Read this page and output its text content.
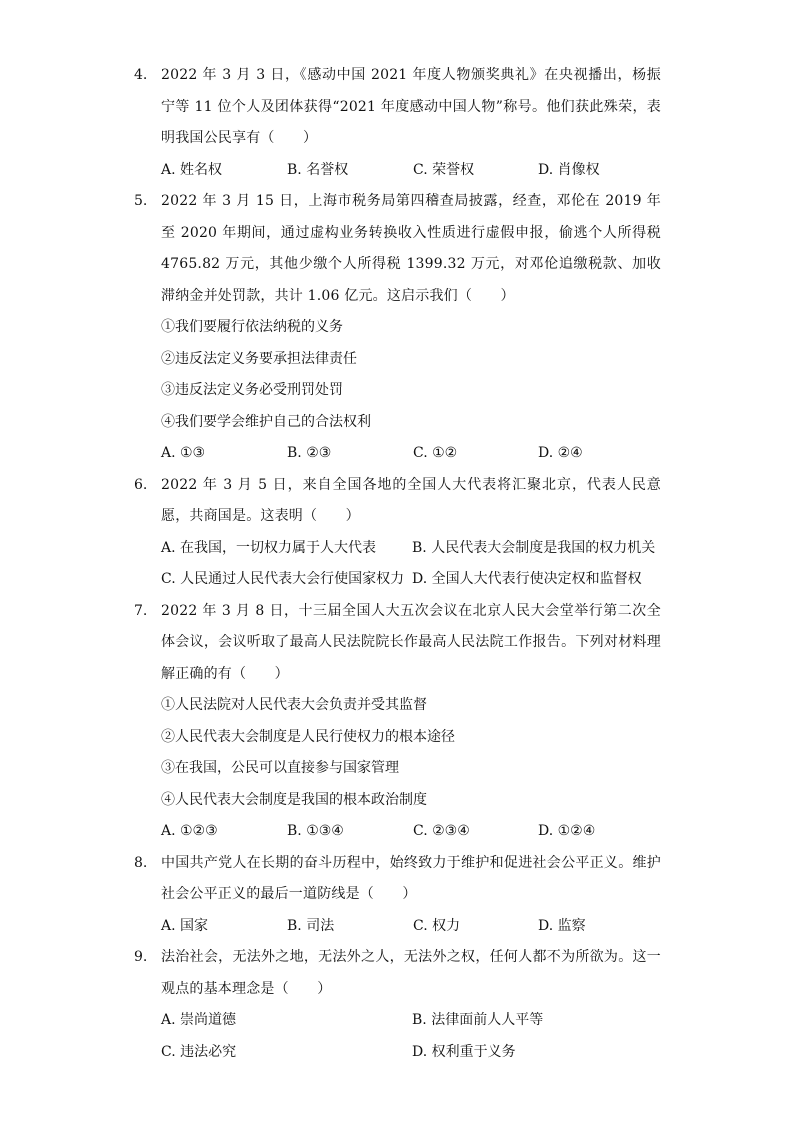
4. 2022 年 3 月 3 日，《感动中国 2021 年度人物颁奖典礼》在央视播出，杨振宁等 11 位个人及团体获得“2021 年度感动中国人物”称号。他们获此殊荣，表明我国公民享有（　　）
A. 姓名权	B. 名誉权	C. 荣誉权	D. 肖像权
5. 2022 年 3 月 15 日，上海市税务局第四稽查局披露，经查，邓伦在 2019 年至 2020 年期间，通过虚构业务转换收入性质进行虚假申报，偷逃个人所得税 4765.82 万元，其他少缴个人所得税 1399.32 万元，对邓伦追缴税款、加收滞纳金并处罚款，共计 1.06 亿元。这启示我们（　　）
①我们要履行依法纳税的义务
②违反法定义务要承担法律责任
③违反法定义务必受刑罚处罚
④我们要学会维护自己的合法权利
A. ①③	B. ②③	C. ①②	D. ②④
6. 2022 年 3 月 5 日，来自全国各地的全国人大代表将汇聚北京，代表人民意愿，共商国是。这表明（　　）
A. 在我国，一切权力属于人大代表	B. 人民代表大会制度是我国的权力机关
C. 人民通过人民代表大会行使国家权力 D. 全国人大代表行使决定权和监督权
7. 2022 年 3 月 8 日，十三届全国人大五次会议在北京人民大会堂举行第二次全体会议，会议听取了最高人民法院院长作最高人民法院工作报告。下列对材料理解正确的有（　　）
①人民法院对人民代表大会负责并受其监督
②人民代表大会制度是人民行使权力的根本途径
③在我国，公民可以直接参与国家管理
④人民代表大会制度是我国的根本政治制度
A. ①②③	B. ①③④	C. ②③④	D. ①②④
8. 中国共产党人在长期的奋斗历程中，始终致力于维护和促进社会公平正义。维护社会公平正义的最后一道防线是（　　）
A. 国家	B. 司法	C. 权力	D. 监察
9. 法治社会，无法外之地，无法外之人，无法外之权，任何人都不为所欲为。这一观点的基本理念是（　　）
A. 崇尚道德	B. 法律面前人人平等
C. 违法必究	D. 权利重于义务
